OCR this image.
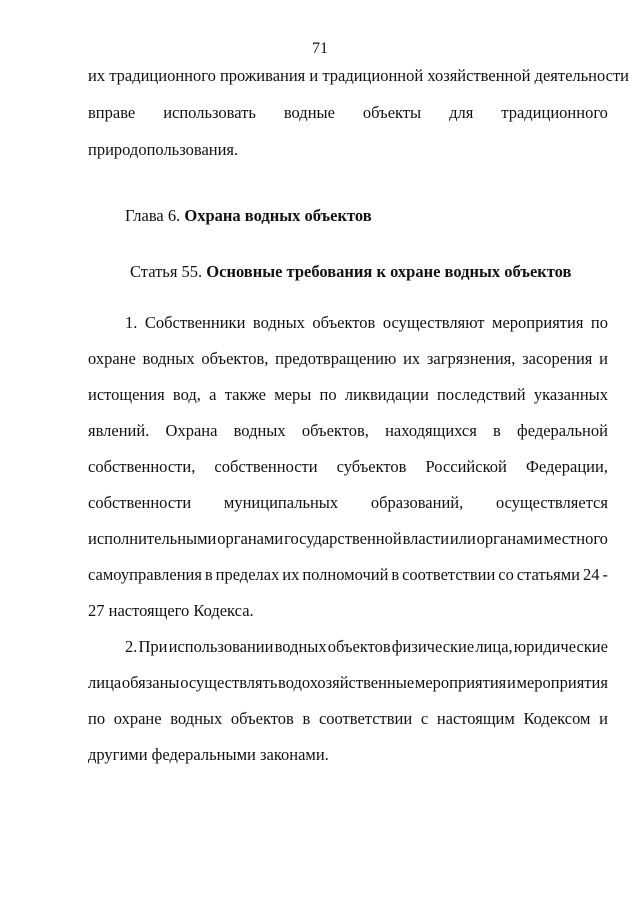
71
их традиционного проживания и традиционной хозяйственной деятельности
вправе использовать водные объекты для традиционного
природопользования.
Глава 6. Охрана водных объектов
Статья 55. Основные требования к охране водных объектов
1. Собственники водных объектов осуществляют мероприятия по
охране водных объектов, предотвращению их загрязнения, засорения и
истощения вод, а также меры по ликвидации последствий указанных
явлений. Охрана водных объектов, находящихся в федеральной
собственности, собственности субъектов Российской Федерации,
собственности муниципальных образований, осуществляется
исполнительными органами государственной власти или органами местного
самоуправления в пределах их полномочий в соответствии со статьями 24 -
27 настоящего Кодекса.
2. При использовании водных объектов физические лица, юридические
лица обязаны осуществлять водохозяйственные мероприятия и мероприятия
по охране водных объектов в соответствии с настоящим Кодексом и
другими федеральными законами.
